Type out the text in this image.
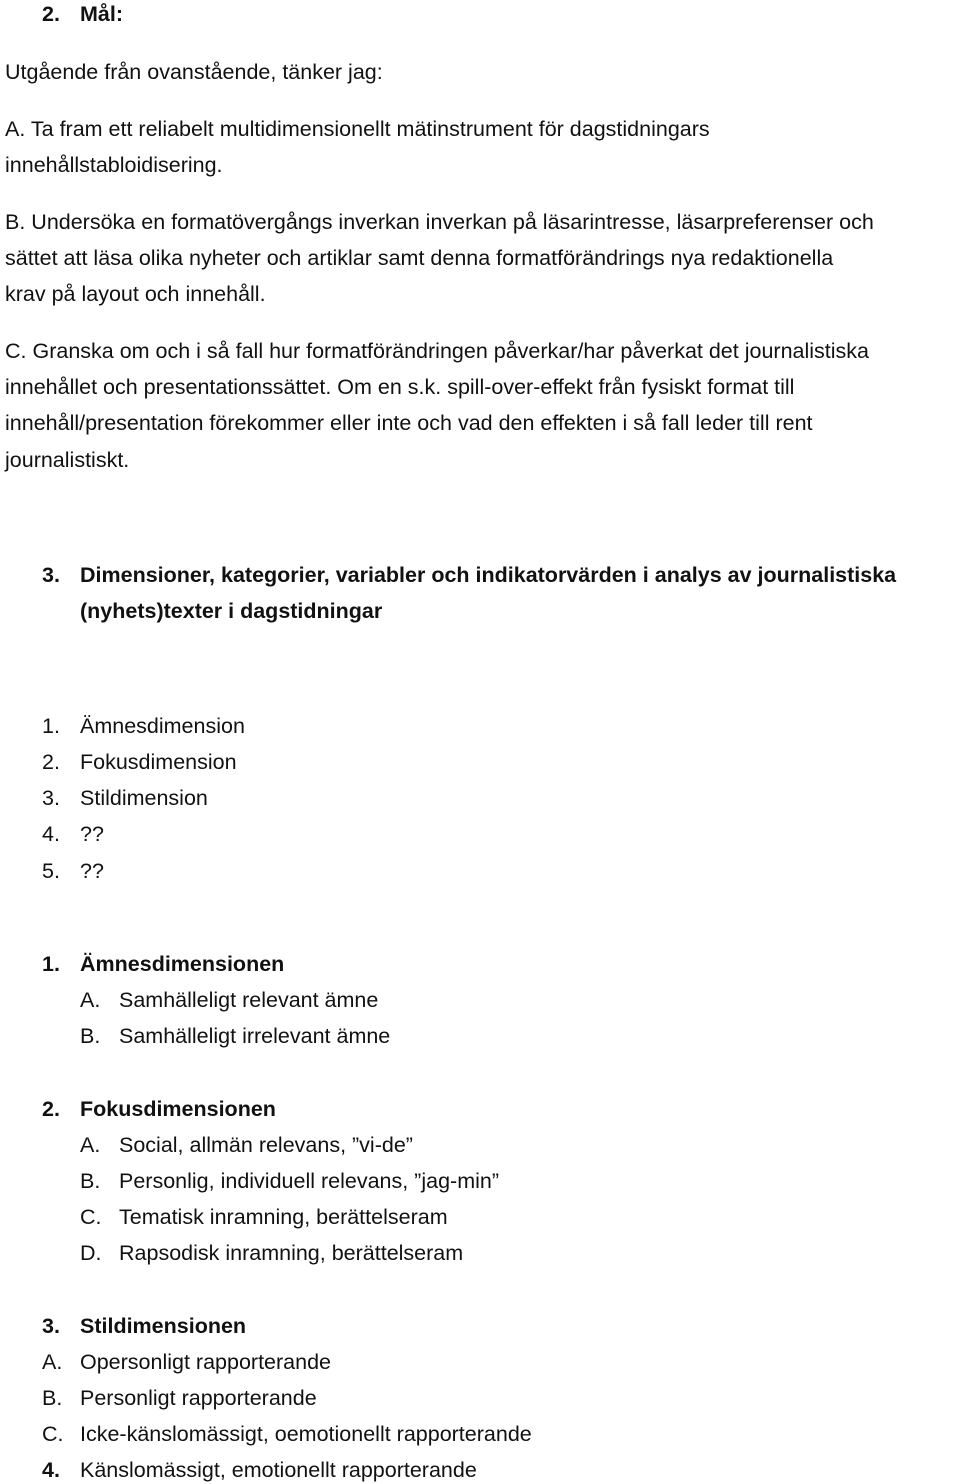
2. Mål:
Utgående från ovanstående, tänker jag:
A. Ta fram ett reliabelt multidimensionellt mätinstrument för dagstidningars
innehållstabloidisering.
B. Undersöka en formatövergångs inverkan inverkan på läsarintresse, läsarpreferenser och
sättet att läsa olika nyheter och artiklar samt denna formatförändrings nya redaktionella
krav på layout och innehåll.
C. Granska om och i så fall hur formatförändringen påverkar/har påverkat det journalistiska
innehållet och presentationssättet. Om en s.k. spill-over-effekt från fysiskt format till
innehåll/presentation förekommer eller inte och vad den effekten i så fall leder till rent
journalistiskt.
3. Dimensioner, kategorier, variabler och indikatorvärden i analys av journalistiska
(nyhets)texter i dagstidningar
1. Ämnesdimension
2. Fokusdimension
3. Stildimension
4. ??
5. ??
1. Ämnesdimensionen
A. Samhälleligt relevant ämne
B. Samhälleligt irrelevant ämne
2. Fokusdimensionen
A. Social, allmän relevans, ”vi-de”
B. Personlig, individuell relevans, ”jag-min”
C. Tematisk inramning, berättelseram
D. Rapsodisk inramning, berättelseram
3. Stildimensionen
A. Opersonligt rapporterande
B. Personligt rapporterande
C. Icke-känslomässigt, oemotionellt rapporterande
4. Känslomässigt, emotionellt rapporterande
